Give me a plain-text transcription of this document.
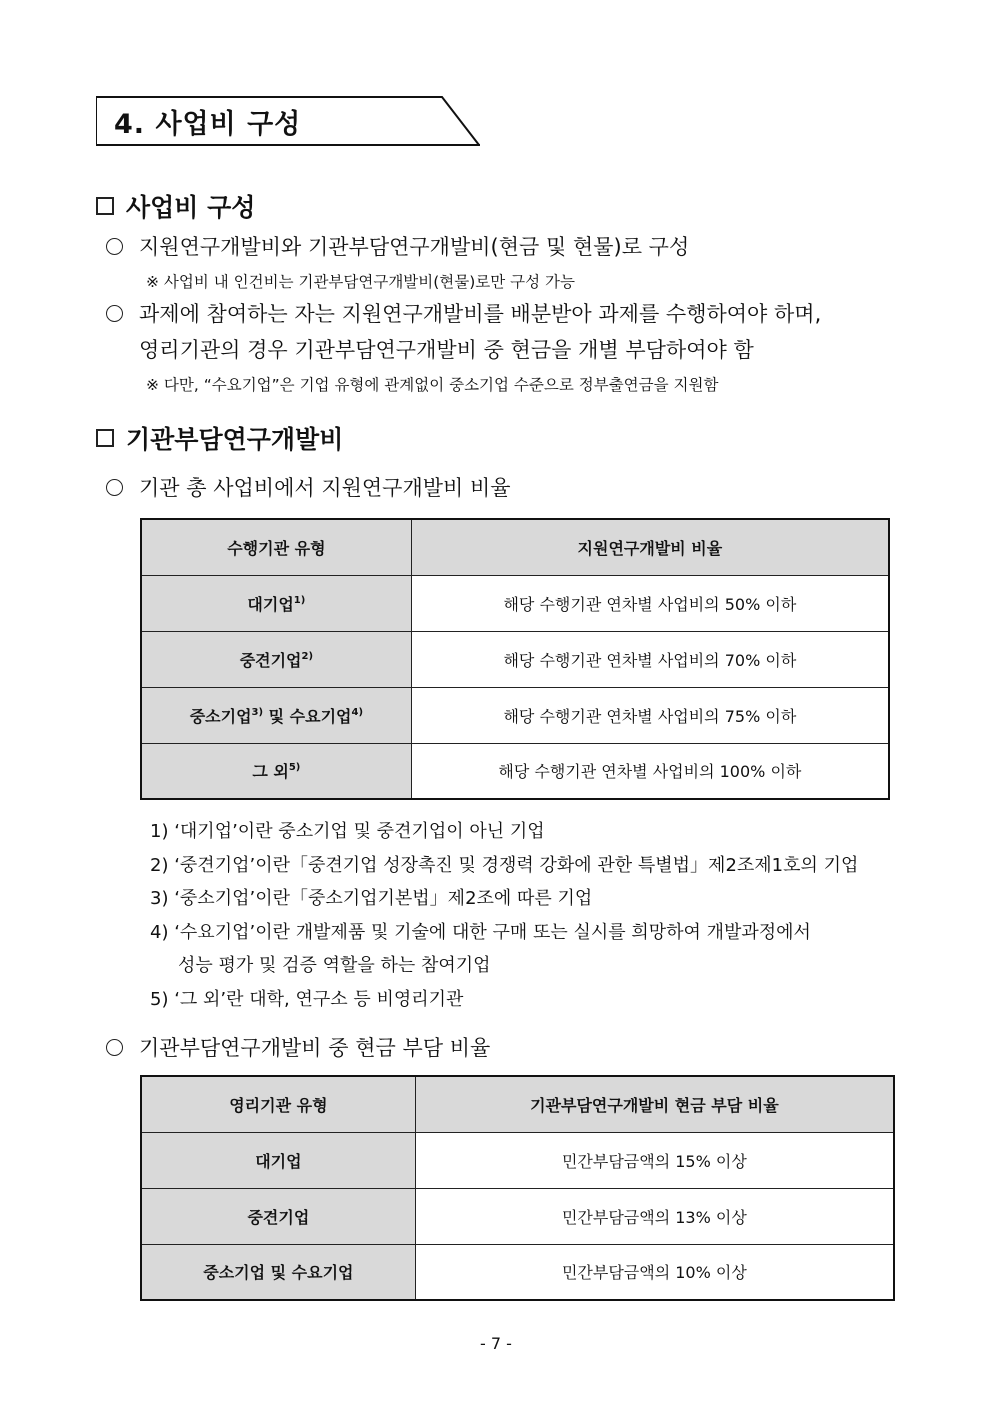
4. 사업비 구성
사업비 구성
지원연구개발비와 기관부담연구개발비(현금 및 현물)로 구성
※ 사업비 내 인건비는 기관부담연구개발비(현물)로만 구성 가능
과제에 참여하는 자는 지원연구개발비를 배분받아 과제를 수행하여야 하며,
영리기관의 경우 기관부담연구개발비 중 현금을 개별 부담하여야 함
※ 다만, “수요기업”은 기업 유형에 관계없이 중소기업 수준으로 정부출연금을 지원함
기관부담연구개발비
기관 총 사업비에서 지원연구개발비 비율
수행기관 유형	지원연구개발비 비율
대기업$^{1)}$	해당 수행기관 연차별 사업비의 50% 이하
중견기업$^{2)}$	해당 수행기관 연차별 사업비의 70% 이하
중소기업$^{3)}$ 및 수요기업$^{4)}$	해당 수행기관 연차별 사업비의 75% 이하
그 외$^{5)}$	해당 수행기관 연차별 사업비의 100% 이하
1) ‘대기업’이란 중소기업 및 중견기업이 아닌 기업
2) ‘중견기업’이란「중견기업 성장촉진 및 경쟁력 강화에 관한 특별법」제2조제1호의 기업
3) ‘중소기업’이란「중소기업기본법」제2조에 따른 기업
4) ‘수요기업’이란 개발제품 및 기술에 대한 구매 또는 실시를 희망하여 개발과정에서
성능 평가 및 검증 역할을 하는 참여기업
5) ‘그 외’란 대학, 연구소 등 비영리기관
기관부담연구개발비 중 현금 부담 비율
영리기관 유형	기관부담연구개발비 현금 부담 비율
대기업	민간부담금액의 15% 이상
중견기업	민간부담금액의 13% 이상
중소기업 및 수요기업	민간부담금액의 10% 이상
- 7 -
